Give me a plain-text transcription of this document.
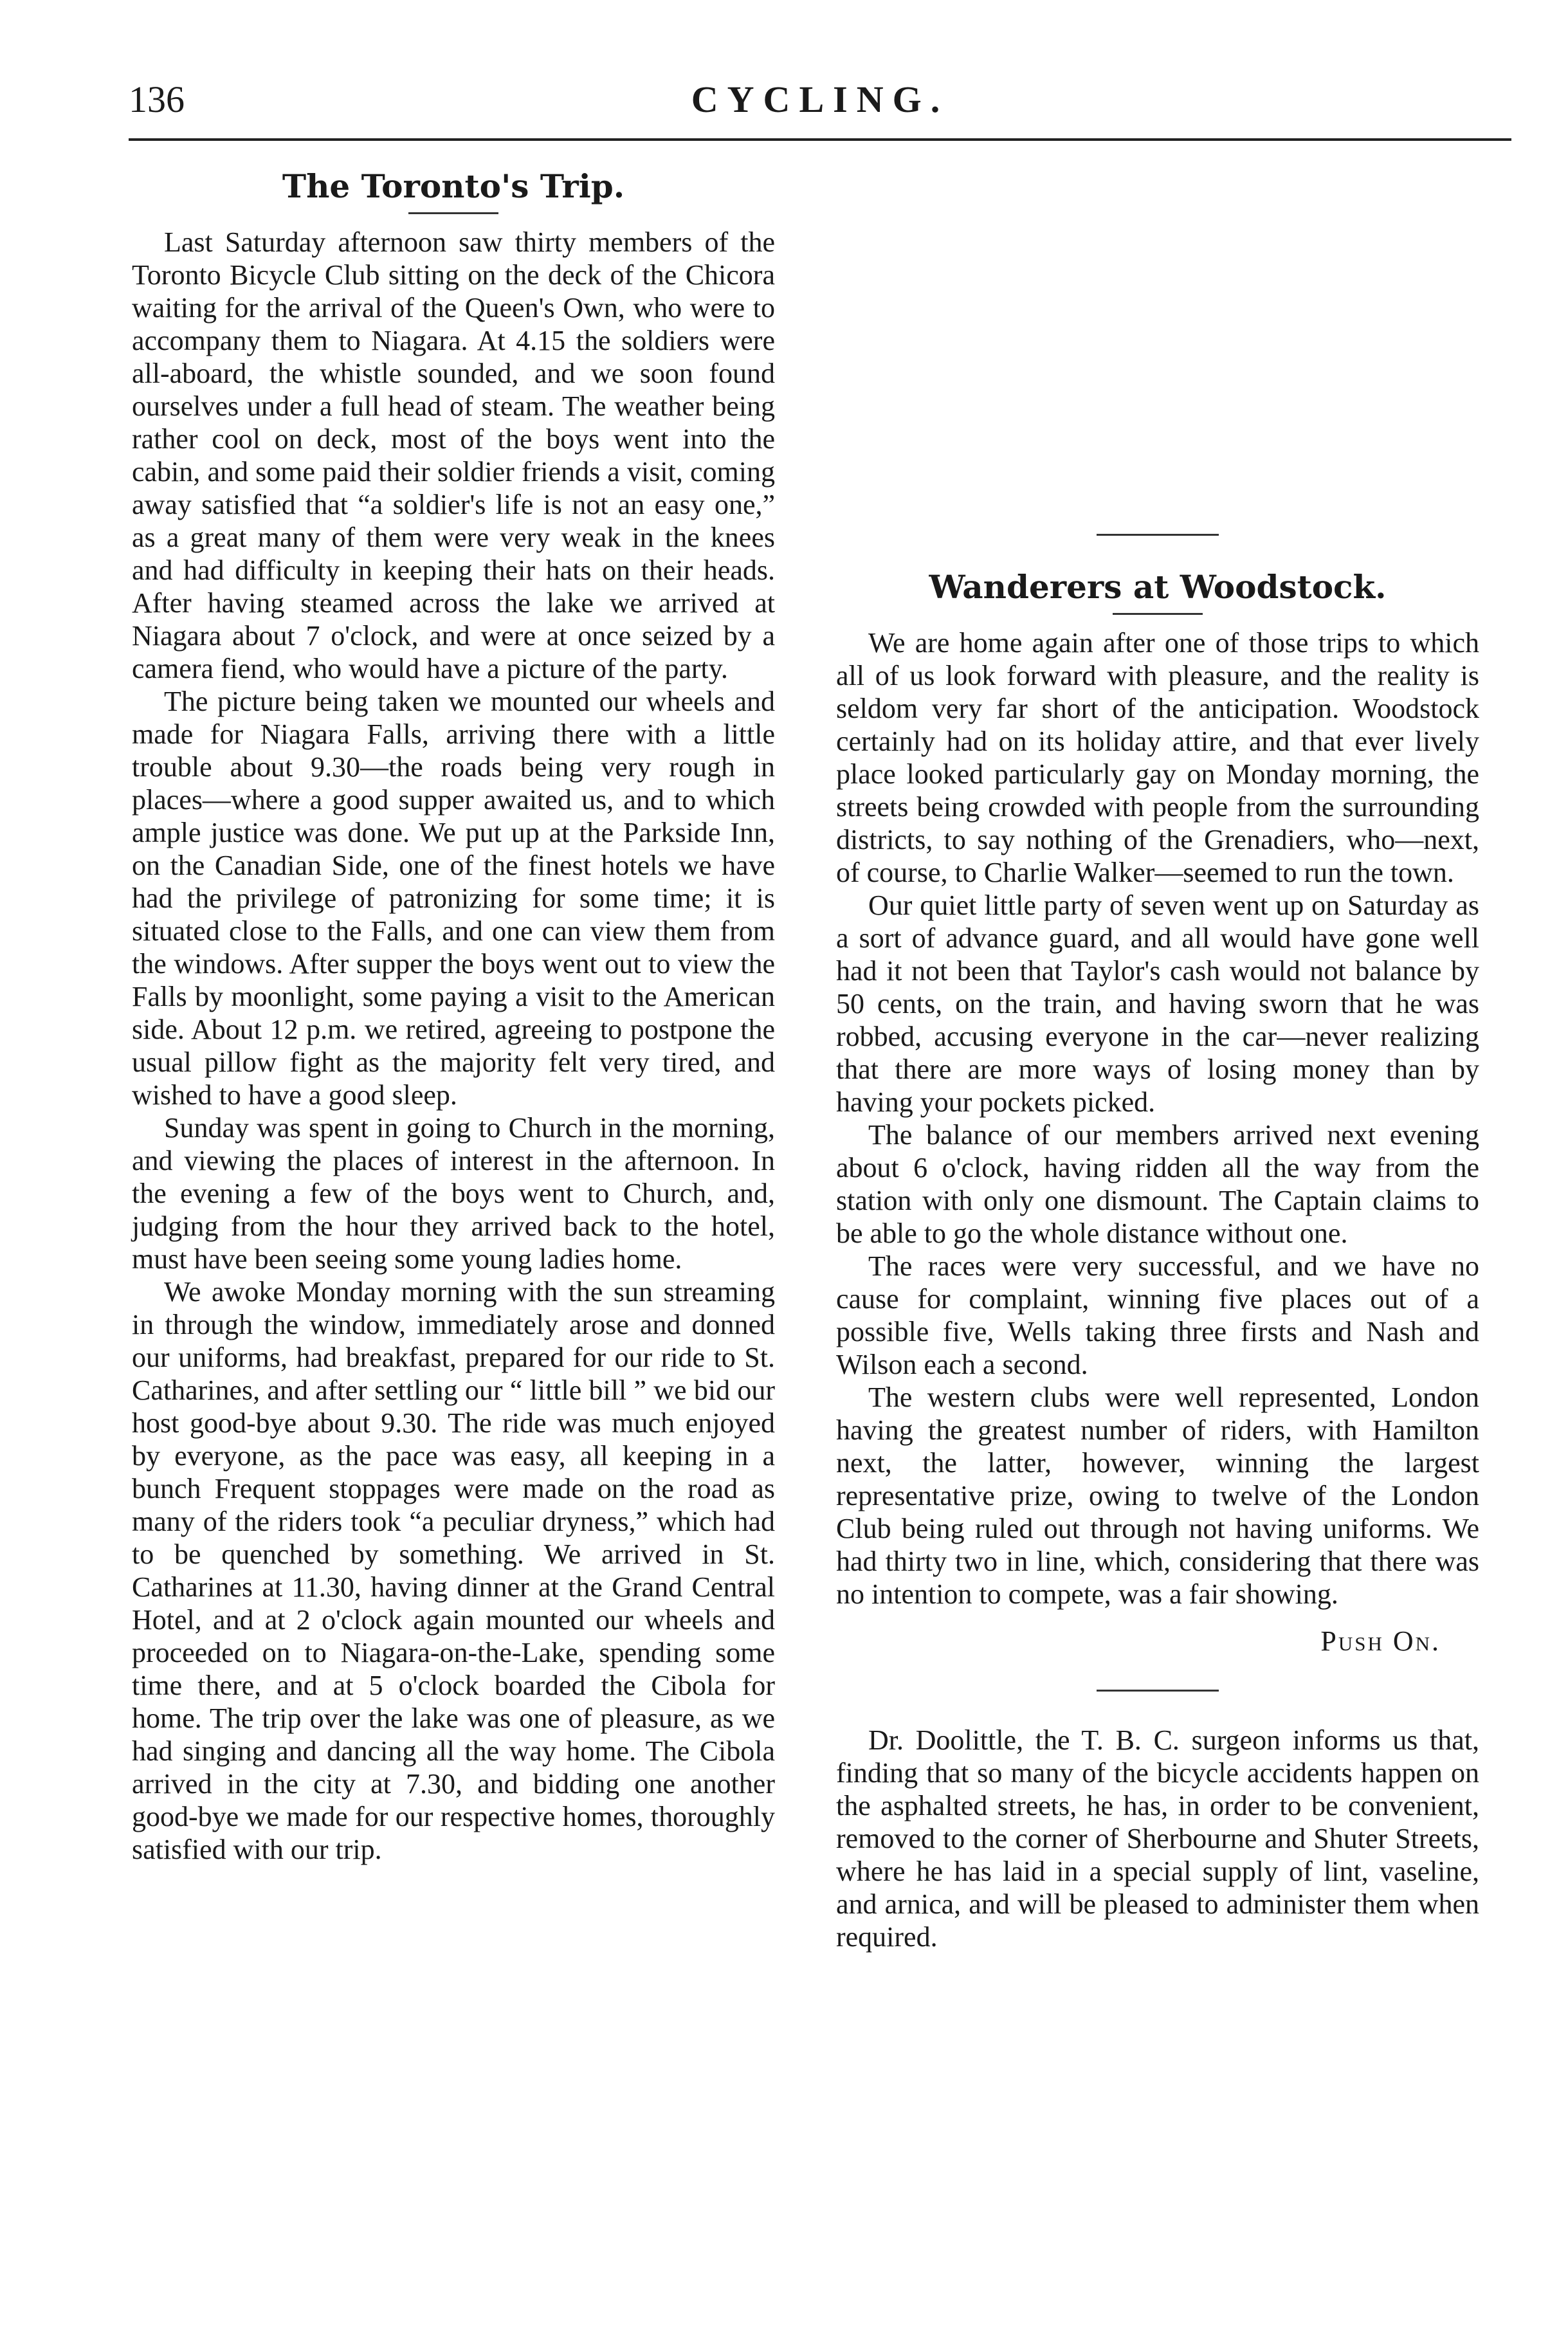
136	CYCLING.
The Toronto's Trip.

Last Saturday afternoon saw thirty members of the Toronto Bicycle Club sitting on the deck of the Chicora waiting for the arrival of the Queen's Own, who were to accompany them to Niagara. At 4.15 the soldiers were all-aboard, the whistle sounded, and we soon found ourselves under a full head of steam. The weather being rather cool on deck, most of the boys went into the cabin, and some paid their soldier friends a visit, coming away satisfied that “a soldier's life is not an easy one,” as a great many of them were very weak in the knees and had difficulty in keeping their hats on their heads. After having steamed across the lake we arrived at Niagara about 7 o'clock, and were at once seized by a camera fiend, who would have a picture of the party.

The picture being taken we mounted our wheels and made for Niagara Falls, arriving there with a little trouble about 9.30—the roads being very rough in places—where a good supper awaited us, and to which ample justice was done. We put up at the Parkside Inn, on the Canadian Side, one of the finest hotels we have had the privilege of patronizing for some time; it is situated close to the Falls, and one can view them from the windows. After supper the boys went out to view the Falls by moonlight, some paying a visit to the American side. About 12 p.m. we retired, agreeing to postpone the usual pillow fight as the majority felt very tired, and wished to have a good sleep.

Sunday was spent in going to Church in the morning, and viewing the places of interest in the afternoon. In the evening a few of the boys went to Church, and, judging from the hour they arrived back to the hotel, must have been seeing some young ladies home.

We awoke Monday morning with the sun streaming in through the window, immediately arose and donned our uniforms, had breakfast, prepared for our ride to St. Catharines, and after settling our “ little bill ” we bid our host good-bye about 9.30. The ride was much enjoyed by everyone, as the pace was easy, all keeping in a bunch Frequent stoppages were made on the road as many of the riders took “a peculiar dryness,” which had to be quenched by something. We arrived in St. Catharines at 11.30, having dinner at the Grand Central Hotel, and at 2 o'clock again mounted our wheels and proceeded on to Niagara-on-the-Lake, spending some time there, and at 5 o'clock boarded the Cibola for home. The trip over the lake was one of pleasure, as we had singing and dancing all the way home. The Cibola arrived in the city at 7.30, and bidding one another good-bye we made for our respective homes, thoroughly satisfied with our trip.

Wanderers at Woodstock.

We are home again after one of those trips to which all of us look forward with pleasure, and the reality is seldom very far short of the anticipation. Woodstock certainly had on its holiday attire, and that ever lively place looked particularly gay on Monday morning, the streets being crowded with people from the surrounding districts, to say nothing of the Grenadiers, who—next, of course, to Charlie Walker—seemed to run the town.

Our quiet little party of seven went up on Saturday as a sort of advance guard, and all would have gone well had it not been that Taylor's cash would not balance by 50 cents, on the train, and having sworn that he was robbed, accusing everyone in the car—never realizing that there are more ways of losing money than by having your pockets picked.

The balance of our members arrived next evening about 6 o'clock, having ridden all the way from the station with only one dismount. The Captain claims to be able to go the whole distance without one.

The races were very successful, and we have no cause for complaint, winning five places out of a possible five, Wells taking three firsts and Nash and Wilson each a second.

The western clubs were well represented, London having the greatest number of riders, with Hamilton next, the latter, however, winning the largest representative prize, owing to twelve of the London Club being ruled out through not having uniforms. We had thirty two in line, which, considering that there was no intention to compete, was a fair showing.

Push On.

Dr. Doolittle, the T. B. C. surgeon informs us that, finding that so many of the bicycle accidents happen on the asphalted streets, he has, in order to be convenient, removed to the corner of Sherbourne and Shuter Streets, where he has laid in a special supply of lint, vaseline, and arnica, and will be pleased to administer them when required.
